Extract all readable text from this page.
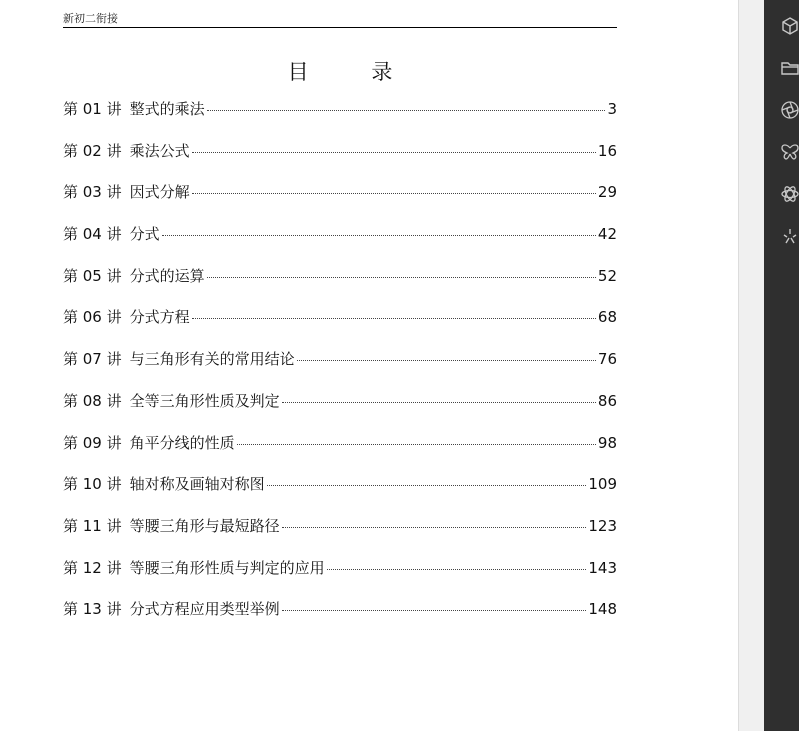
新初二衔接
目 录
第 01 讲 整式的乘法	3
第 02 讲 乘法公式	16
第 03 讲 因式分解	29
第 04 讲 分式	42
第 05 讲 分式的运算	52
第 06 讲 分式方程	68
第 07 讲 与三角形有关的常用结论	76
第 08 讲 全等三角形性质及判定	86
第 09 讲 角平分线的性质	98
第 10 讲 轴对称及画轴对称图	109
第 11 讲 等腰三角形与最短路径	123
第 12 讲 等腰三角形性质与判定的应用	143
第 13 讲 分式方程应用类型举例	148
